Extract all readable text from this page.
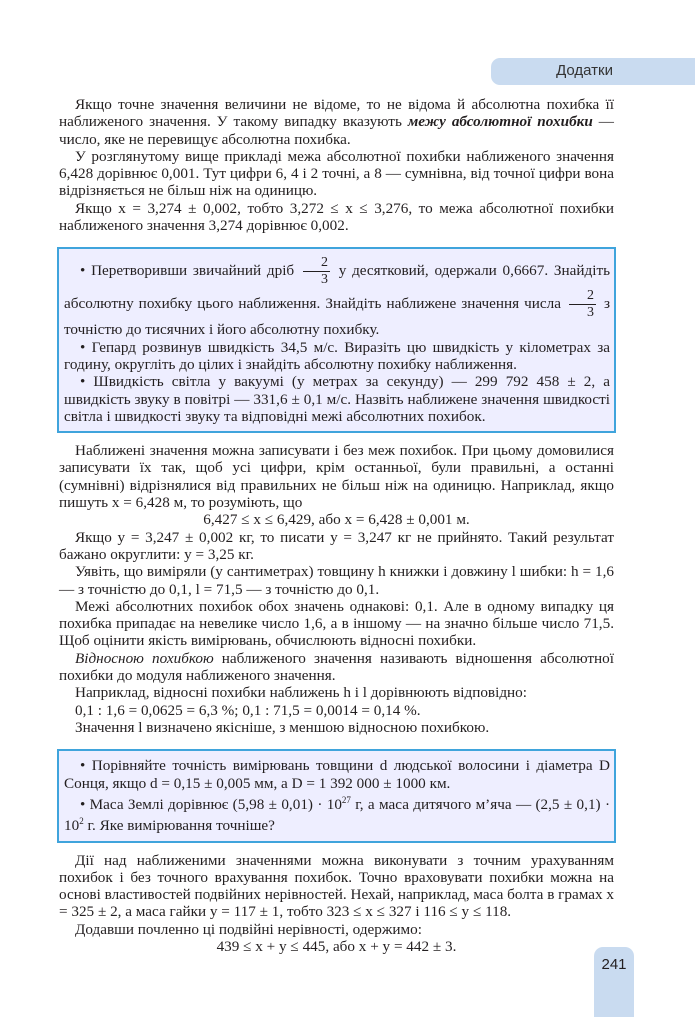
Додатки

Якщо точне значення величини не відоме, то не відома й абсолютна похибка її наближеного значення. У такому випадку вказують межу абсолютної похибки — число, яке не перевищує абсолютна похибка.

У розглянутому вище прикладі межа абсолютної похибки наближеного значення 6,428 дорівнює 0,001. Тут цифри 6, 4 і 2 точні, а 8 — сумнівна, від точної цифри вона відрізняється не більш ніж на одиницю.

Якщо x = 3,274 ± 0,002, тобто 3,272 ≤ x ≤ 3,276, то межа абсолютної похибки наближеного значення 3,274 дорівнює 0,002.

• Перетворивши звичайний дріб $\frac{2}{3}$ у десятковий, одержали 0,6667. Знайдіть абсолютну похибку цього наближення. Знайдіть наближене значення числа $\frac{2}{3}$ з точністю до тисячних і його абсолютну похибку.

• Гепард розвинув швидкість 34,5 м/с. Виразіть цю швидкість у кілометрах за годину, округліть до цілих і знайдіть абсолютну похибку наближення.

• Швидкість світла у вакуумі (у метрах за секунду) — 299 792 458 ± 2, а швидкість звуку в повітрі — 331,6 ± 0,1 м/с. Назвіть наближене значення швидкості світла і швидкості звуку та відповідні межі абсолютних похибок.

Наближені значення можна записувати і без меж похибок. При цьому домовилися записувати їх так, щоб усі цифри, крім останньої, були правильні, а останні (сумнівні) відрізнялися від правильних не більш ніж на одиницю. Наприклад, якщо пишуть x = 6,428 м, то розуміють, що

6,427 ≤ x ≤ 6,429, або x = 6,428 ± 0,001 м.

Якщо y = 3,247 ± 0,002 кг, то писати y = 3,247 кг не прийнято. Такий результат бажано округлити: y = 3,25 кг.

Уявіть, що виміряли (у сантиметрах) товщину h книжки і довжину l шибки: h = 1,6 — з точністю до 0,1, l = 71,5 — з точністю до 0,1.

Межі абсолютних похибок обох значень однакові: 0,1. Але в одному випадку ця похибка припадає на невелике число 1,6, а в іншому — на значно більше число 71,5. Щоб оцінити якість вимірювань, обчислюють відносні похибки.

Відносною похибкою наближеного значення називають відношення абсолютної похибки до модуля наближеного значення.

Наприклад, відносні похибки наближень h і l дорівнюють відповідно:

0,1 : 1,6 = 0,0625 = 6,3 %; 0,1 : 71,5 = 0,0014 = 0,14 %.

Значення l визначено якісніше, з меншою відносною похибкою.

• Порівняйте точність вимірювань товщини d людської волосини і діаметра D Сонця, якщо d = 0,15 ± 0,005 мм, а D = 1 392 000 ± 1000 км.

• Маса Землі дорівнює $(5,98 \pm 0,01) \cdot 10^{27}$ г, а маса дитячого м’яча — $(2,5 \pm 0,1) \cdot 10^2$ г. Яке вимірювання точніше?

Дії над наближеними значеннями можна виконувати з точним урахуванням похибок і без точного врахування похибок. Точно враховувати похибки можна на основі властивостей подвійних нерівностей. Нехай, наприклад, маса болта в грамах x = 325 ± 2, а маса гайки y = 117 ± 1, тобто 323 ≤ x ≤ 327 і 116 ≤ y ≤ 118.

Додавши почленно ці подвійні нерівності, одержимо:

439 ≤ x + y ≤ 445, або x + y = 442 ± 3.

241
